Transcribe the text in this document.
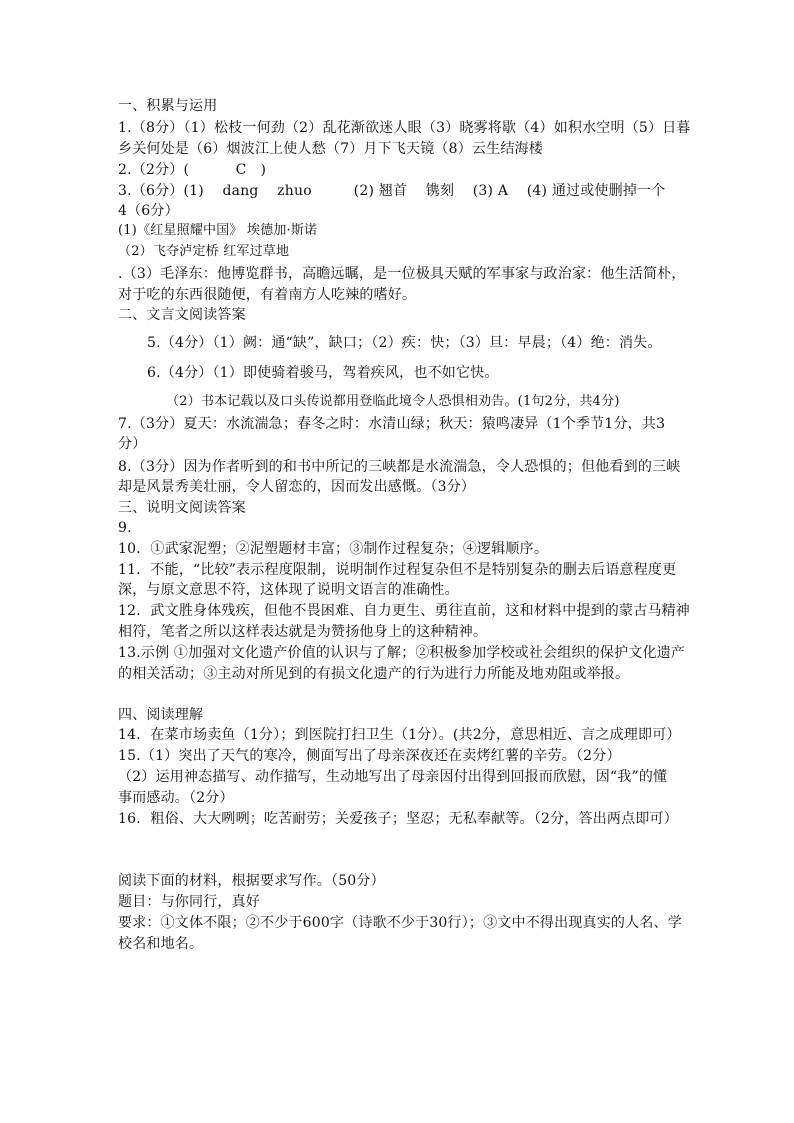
一、积累与运用
1.（8分）（1）松枝一何劲（2）乱花渐欲迷人眼（3）晓雾将歇（4）如积水空明（5）日暮
乡关何处是（6）烟波江上使人愁（7）月下飞天镜（8）云生结海楼
2.（2分）(          C   )
3.（6分）(1)    dang    zhuo         (2) 翘首    镌刻    (3) A    (4) 通过或使删掉一个
4（6分）
(1)《红星照耀中国》 埃德加·斯诺
（2）飞夺泸定桥 红军过草地
.（3）毛泽东：他博览群书，高瞻远瞩，是一位极具天赋的军事家与政治家：他生活简朴，
对于吃的东西很随便，有着南方人吃辣的嗜好。
二、文言文阅读答案
5.（4分）（1）阙：通“缺”，缺口；（2）疾：快；（3）旦：早晨；（4）绝：消失。
6.（4分）（1）即使骑着骏马，驾着疾风，也不如它快。
（2）书本记载以及口头传说都用登临此境令人恐惧相劝告。(1句2分，共4分)
7.（3分）夏天：水流湍急；春冬之时：水清山绿；秋天：猿鸣凄异（1个季节1分，共3
分）
8.（3分）因为作者听到的和书中所记的三峡都是水流湍急，令人恐惧的；但他看到的三峡
却是风景秀美壮丽，令人留恋的，因而发出感慨。（3分）
三、说明文阅读答案
9.
10．①武家泥塑；②泥塑题材丰富；③制作过程复杂；④逻辑顺序。
11．不能，“比较”表示程度限制，说明制作过程复杂但不是特别复杂的删去后语意程度更
深，与原文意思不符，这体现了说明文语言的准确性。
12．武文胜身体残疾，但他不畏困难、自力更生、勇往直前，这和材料中提到的蒙古马精神
相符，笔者之所以这样表达就是为赞扬他身上的这种精神。
13.示例 ①加强对文化遗产价值的认识与了解；②积极参加学校或社会组织的保护文化遗产
的相关活动；③主动对所见到的有损文化遗产的行为进行力所能及地劝阻或举报。
四、阅读理解
14．在菜市场卖鱼（1分）；到医院打扫卫生（1分）。(共2分，意思相近、言之成理即可）
15.（1）突出了天气的寒冷，侧面写出了母亲深夜还在卖烤红薯的辛劳。（2分）
（2）运用神态描写、动作描写，生动地写出了母亲因付出得到回报而欣慰，因“我”的懂
事而感动。（2分）
16．粗俗、大大咧咧；吃苦耐劳；关爱孩子；坚忍；无私奉献等。（2分，答出两点即可）
阅读下面的材料，根据要求写作。（50分）
题目：与你同行，真好
要求：①文体不限；②不少于600字（诗歌不少于30行）；③文中不得出现真实的人名、学
校名和地名。
